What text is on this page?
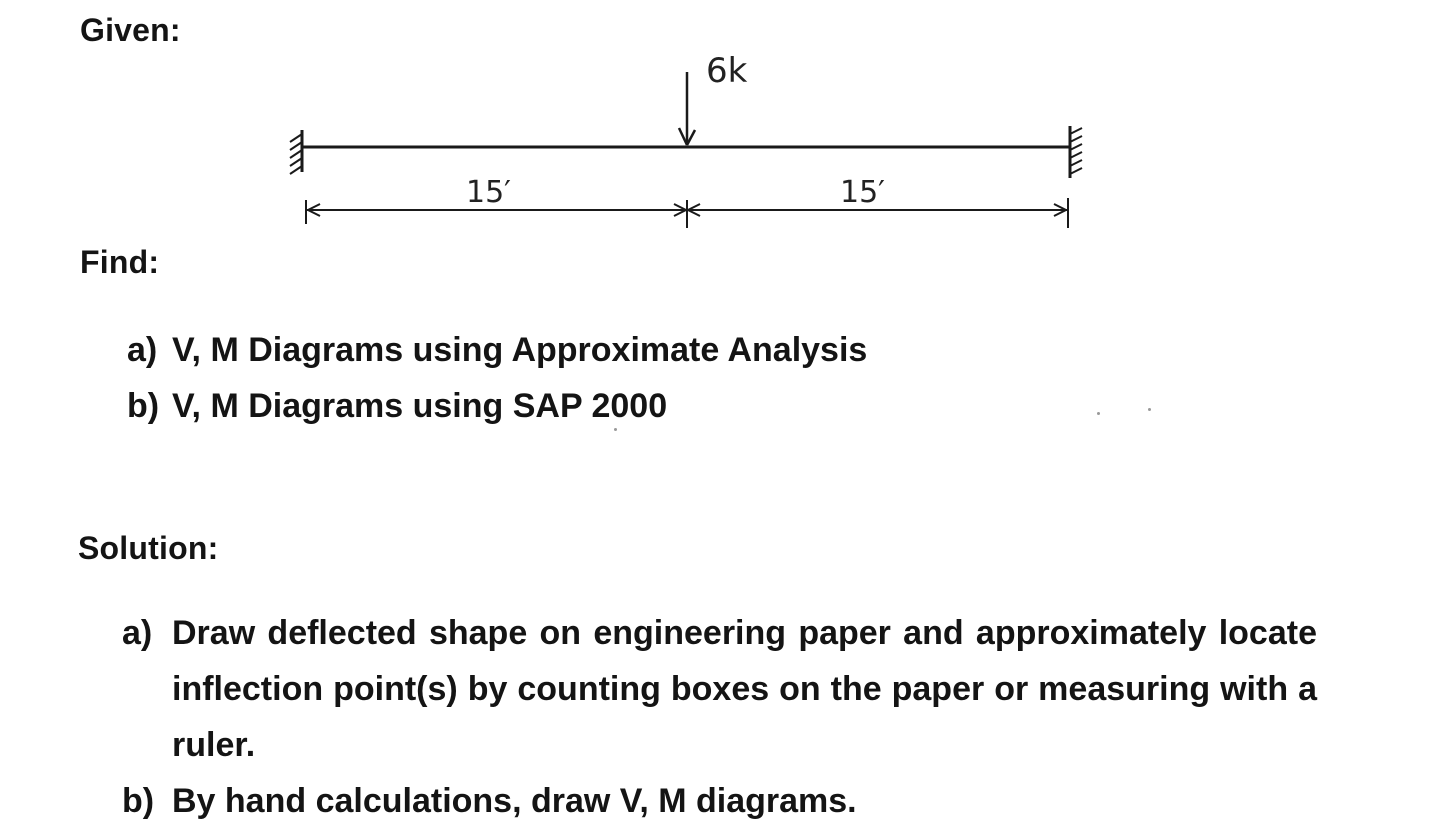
Given:
6k
15′	15′
Find:
a) V, M Diagrams using Approximate Analysis
b) V, M Diagrams using SAP 2000
Solution:
a) Draw deflected shape on engineering paper and approximately locate inflection point(s) by counting boxes on the paper or measuring with a ruler.
b) By hand calculations, draw V, M diagrams.
